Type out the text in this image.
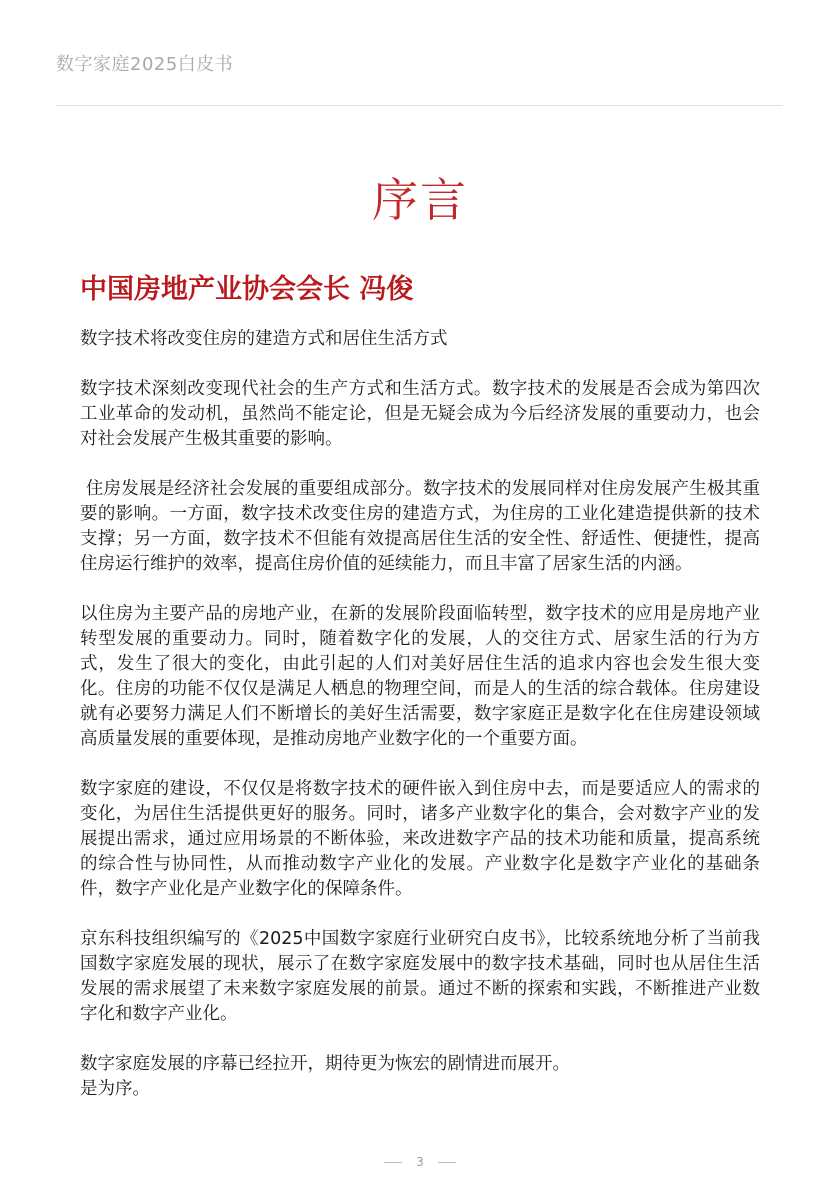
数字家庭2025白皮书
序言
中国房地产业协会会长 冯俊

数字技术将改变住房的建造方式和居住生活方式

数字技术深刻改变现代社会的生产方式和生活方式。数字技术的发展是否会成为第四次工业革命的发动机，虽然尚不能定论，但是无疑会成为今后经济发展的重要动力，也会对社会发展产生极其重要的影响。

住房发展是经济社会发展的重要组成部分。数字技术的发展同样对住房发展产生极其重要的影响。一方面，数字技术改变住房的建造方式，为住房的工业化建造提供新的技术支撑；另一方面，数字技术不但能有效提高居住生活的安全性、舒适性、便捷性，提高住房运行维护的效率，提高住房价值的延续能力，而且丰富了居家生活的内涵。

以住房为主要产品的房地产业，在新的发展阶段面临转型，数字技术的应用是房地产业转型发展的重要动力。同时，随着数字化的发展，人的交往方式、居家生活的行为方式，发生了很大的变化，由此引起的人们对美好居住生活的追求内容也会发生很大变化。住房的功能不仅仅是满足人栖息的物理空间，而是人的生活的综合载体。住房建设就有必要努力满足人们不断增长的美好生活需要，数字家庭正是数字化在住房建设领域高质量发展的重要体现，是推动房地产业数字化的一个重要方面。

数字家庭的建设，不仅仅是将数字技术的硬件嵌入到住房中去，而是要适应人的需求的变化，为居住生活提供更好的服务。同时，诸多产业数字化的集合，会对数字产业的发展提出需求，通过应用场景的不断体验，来改进数字产品的技术功能和质量，提高系统的综合性与协同性，从而推动数字产业化的发展。产业数字化是数字产业化的基础条件，数字产业化是产业数字化的保障条件。

京东科技组织编写的《2025中国数字家庭行业研究白皮书》，比较系统地分析了当前我国数字家庭发展的现状，展示了在数字家庭发展中的数字技术基础，同时也从居住生活发展的需求展望了未来数字家庭发展的前景。通过不断的探索和实践，不断推进产业数字化和数字产业化。

数字家庭发展的序幕已经拉开，期待更为恢宏的剧情进而展开。

是为序。

3
